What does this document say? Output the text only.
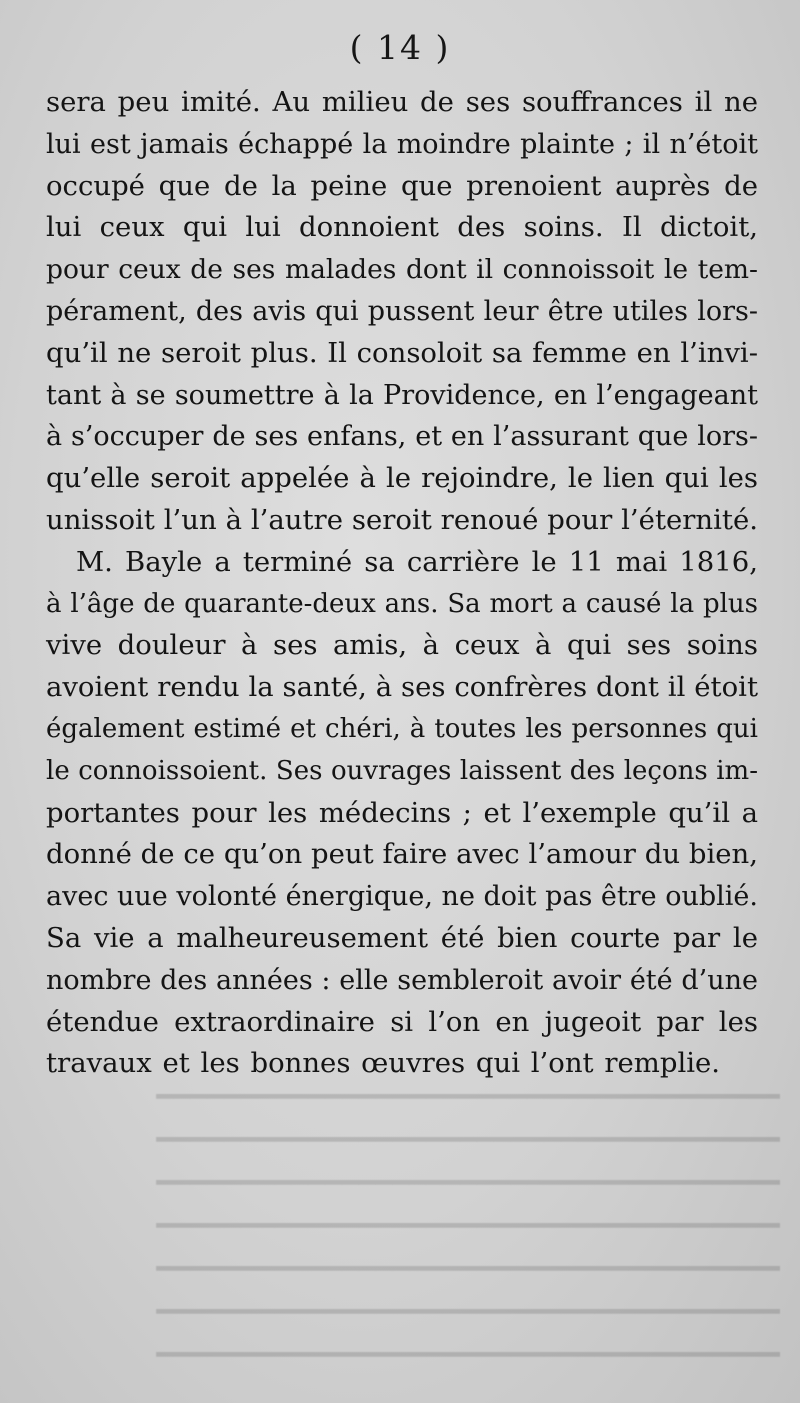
━━━━━━━━━━━━━━━━━━━━━━━━━━━━━━━━━━━━━
━━━━━━━━━━━━━━━━━━━━━━━━━━━━━━━━━━━━━
━━━━━━━━━━━━━━━━━━━━━━━━━━━━━━━━━━━━━
━━━━━━━━━━━━━━━━━━━━━━━━━━━━━━━━━━━━━
━━━━━━━━━━━━━━━━━━━━━━━━━━━━━━━━━━━━━
━━━━━━━━━━━━━━━━━━━━━━━━━━━━━━━━━━━━━
━━━━━━━━━━━━━━━━━━━━━━━━━━━━━━━━━━━━━
( 14 )
sera peu imité. Au milieu de ses souffrances il ne
lui est jamais échappé la moindre plainte ; il n’étoit
occupé que de la peine que prenoient auprès de
lui ceux qui lui donnoient des soins. Il dictoit,
pour ceux de ses malades dont il connoissoit le tem-
pérament, des avis qui pussent leur être utiles lors-
qu’il ne seroit plus. Il consoloit sa femme en l’invi-
tant à se soumettre à la Providence, en l’engageant
à s’occuper de ses enfans, et en l’assurant que lors-
qu’elle seroit appelée à le rejoindre, le lien qui les
unissoit l’un à l’autre seroit renoué pour l’éternité.
M. Bayle a terminé sa carrière le 11 mai 1816,
à l’âge de quarante-deux ans. Sa mort a causé la plus
vive douleur à ses amis, à ceux à qui ses soins
avoient rendu la santé, à ses confrères dont il étoit
également estimé et chéri, à toutes les personnes qui
le connoissoient. Ses ouvrages laissent des leçons im-
portantes pour les médecins ; et l’exemple qu’il a
donné de ce qu’on peut faire avec l’amour du bien,
avec uue volonté énergique, ne doit pas être oublié.
Sa vie a malheureusement été bien courte par le
nombre des années : elle sembleroit avoir été d’une
étendue extraordinaire si l’on en jugeoit par les
travaux et les bonnes œuvres qui l’ont remplie.
